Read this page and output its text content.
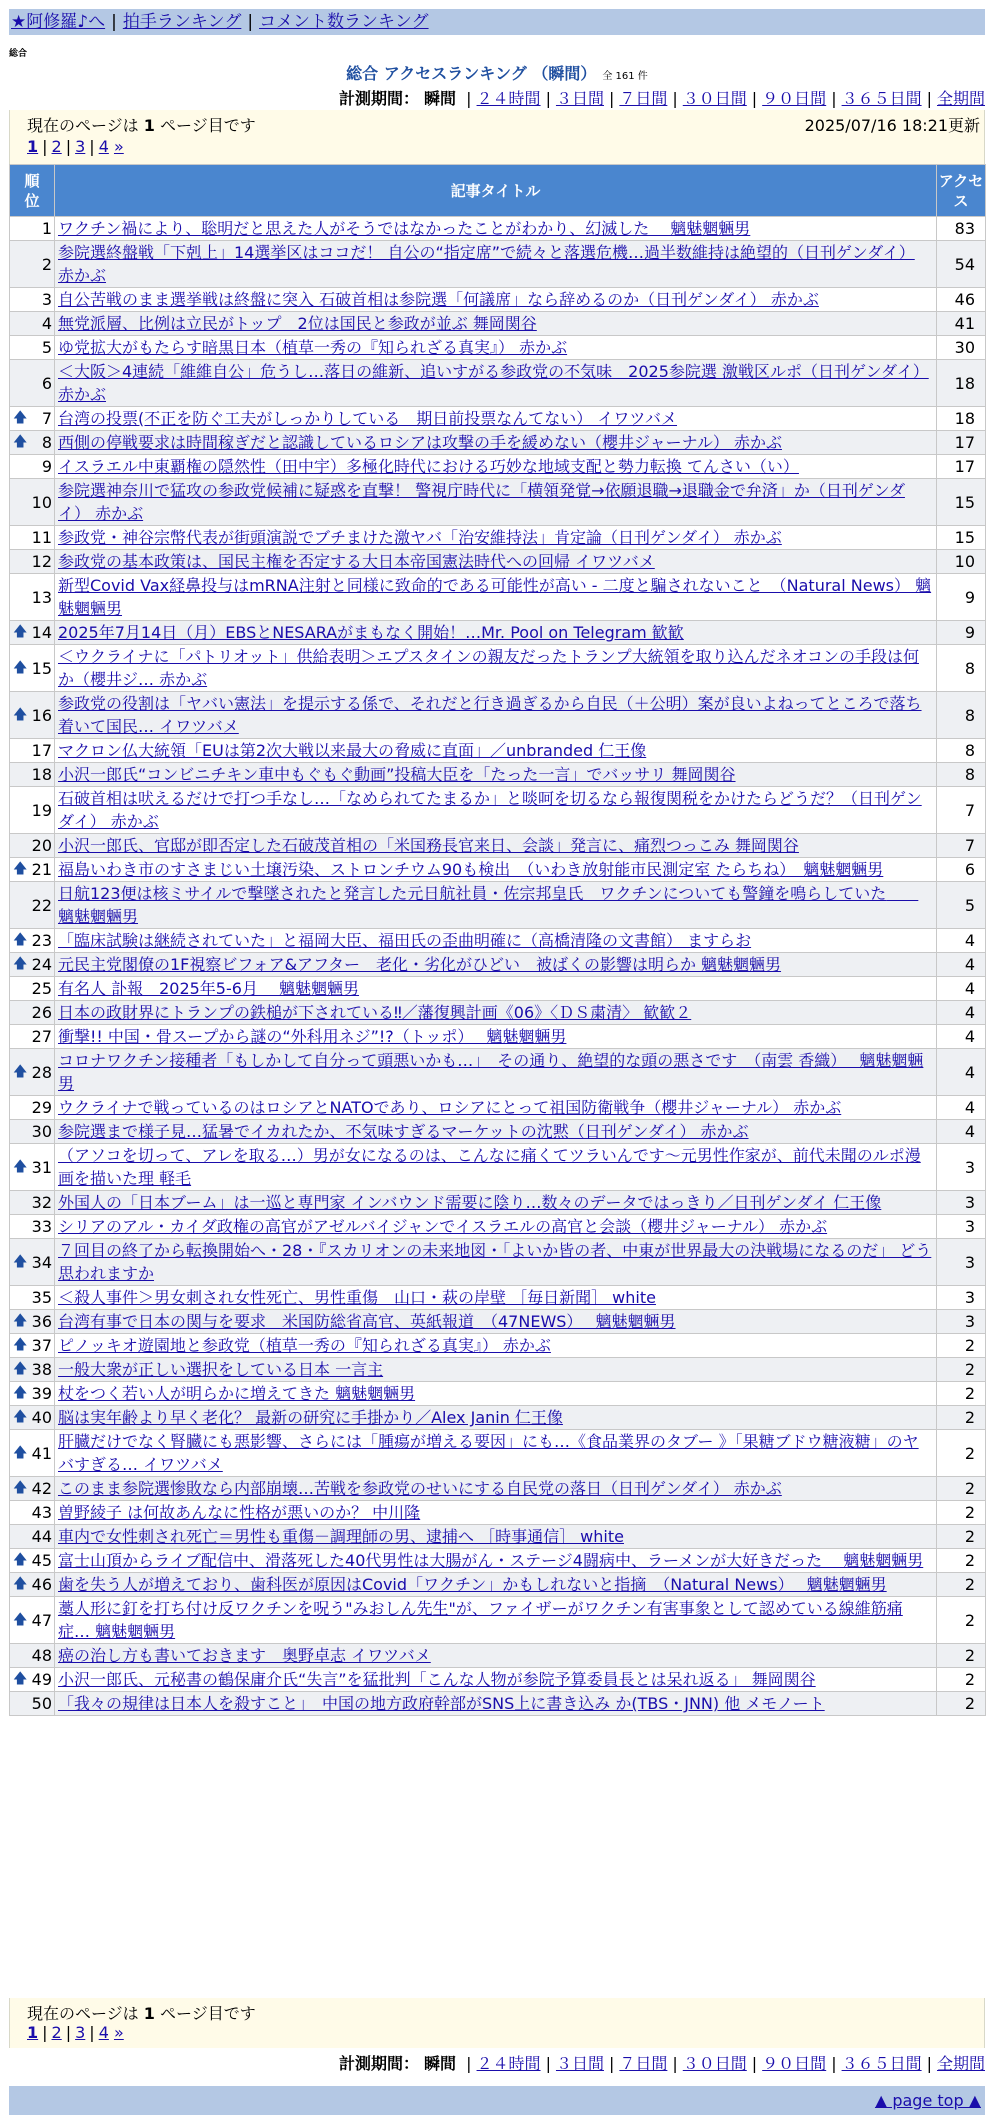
★阿修羅♪へ | 拍手ランキング | コメント数ランキング
総合
総合 アクセスランキング （瞬間） 全 161 件
計測期間： 瞬間 | ２４時間 | ３日間 | ７日間 | ３０日間 | ９０日間 | ３６５日間 | 全期間
現在のページは 1 ページ目です	2025/07/16 18:21更新
1 | 2 | 3 | 4 »
順位	記事タイトル	アクセス
1	ワクチン禍により、聡明だと思えた人がそうではなかったことがわかり、幻滅した　 魑魅魍魎男	83
2	参院選終盤戦「下剋上」14選挙区はココだ！ 自公の“指定席”で続々と落選危機…過半数維持は絶望的（日刊ゲンダイ） 赤かぶ	54
3	自公苦戦のまま選挙戦は終盤に突入 石破首相は参院選「何議席」なら辞めるのか（日刊ゲンダイ） 赤かぶ	46
4	無党派層、比例は立民がトップ　2位は国民と参政が並ぶ 舞岡関谷	41
5	ゆ党拡大がもたらす暗黒日本（植草一秀の『知られざる真実』） 赤かぶ	30
6	＜大阪＞4連続「維維自公」危うし…落日の維新、追いすがる参政党の不気味　2025参院選 激戦区ルポ（日刊ゲンダイ） 赤かぶ	18

🡅 7	台湾の投票(不正を防ぐ工夫がしっかりしている　期日前投票なんてない） イワツバメ	18

🡅 8	西側の停戦要求は時間稼ぎだと認識しているロシアは攻撃の手を緩めない（櫻井ジャーナル） 赤かぶ	17
9	イスラエル中東覇権の隠然性（田中宇）多極化時代における巧妙な地域支配と勢力転換 てんさい（い）	17
10	参院選神奈川で猛攻の参政党候補に疑惑を直撃！ 警視庁時代に「横領発覚→依願退職→退職金で弁済」か（日刊ゲンダイ） 赤かぶ	15
11	参政党・神谷宗幣代表が街頭演説でブチまけた激ヤバ「治安維持法」肯定論（日刊ゲンダイ） 赤かぶ	15
12	参政党の基本政策は、国民主権を否定する大日本帝国憲法時代への回帰 イワツバメ	10
13	新型Covid Vax経鼻投与はmRNA注射と同様に致命的である可能性が高い - 二度と騙されないこと　（Natural News） 魑魅魍魎男	9

🡅 14	2025年7月14日（月）EBSとNESARAがまもなく開始！…Mr. Pool on Telegram 歓歓	9

🡅 15	＜ウクライナに「パトリオット」供給表明＞エプスタインの親友だったトランプ大統領を取り込んだネオコンの手段は何か（櫻井ジ… 赤かぶ	8

🡅 16	参政党の役割は「ヤバい憲法」を提示する係で、それだと行き過ぎるから自民（＋公明）案が良いよねってところで落ち着いて国民… イワツバメ	8
17	マクロン仏大統領「EUは第2次大戦以来最大の脅威に直面」／unbranded 仁王像	8
18	小沢一郎氏“コンビニチキン車中もぐもぐ動画”投稿大臣を「たった一言」でバッサリ 舞岡関谷	8
19	石破首相は吠えるだけで打つ手なし…「なめられてたまるか」と啖呵を切るなら報復関税をかけたらどうだ？（日刊ゲンダイ） 赤かぶ	7
20	小沢一郎氏、官邸が即否定した石破茂首相の「米国務長官来日、会談」発言に、痛烈つっこみ 舞岡関谷	7

🡅 21	福島いわき市のすさまじい土壌汚染、ストロンチウム90も検出　（いわき放射能市民測定室 たらちね）　魑魅魍魎男	6
22	日航123便は核ミサイルで撃墜されたと発言した元日航社員・佐宗邦皇氏　ワクチンについても警鐘を鳴らしていた　　魑魅魍魎男	5

🡅 23	「臨床試験は継続されていた」と福岡大臣、福田氏の歪曲明確に（高橋清隆の文書館） ますらお	4

🡅 24	元民主党閣僚の1F視察ビフォア&アフター　老化・劣化がひどい　被ばくの影響は明らか 魑魅魍魎男	4
25	有名人 訃報　2025年5-6月　 魑魅魍魎男	4
26	日本の政財界にトランプの鉄槌が下されている‼／藩復興計画《06》〈ＤＳ粛清〉 歓歓２	4
27	衝撃!! 中国・骨スープから謎の“外科用ネジ”!?（トッポ）　 魑魅魍魎男	4

🡅 28	コロナワクチン接種者「もしかして自分って頭悪いかも…」　その通り、絶望的な頭の悪さです　（南雲 香織）　 魑魅魍魎男	4
29	ウクライナで戦っているのはロシアとNATOであり、ロシアにとって祖国防衛戦争（櫻井ジャーナル） 赤かぶ	4
30	参院選まで様子見…猛暑でイカれたか、不気味すぎるマーケットの沈黙（日刊ゲンダイ） 赤かぶ	4

🡅 31	（アソコを切って、アレを取る…）男が女になるのは、こんなに痛くてツラいんです～元男性作家が、前代未聞のルポ漫画を描いた理 軽毛	3
32	外国人の「日本ブーム」は一巡と専門家 インバウンド需要に陰り…数々のデータではっきり／日刊ゲンダイ 仁王像	3
33	シリアのアル・カイダ政権の高官がアゼルバイジャンでイスラエルの高官と会談（櫻井ジャーナル） 赤かぶ	3

🡅 34	７回目の終了から転換開始へ・28・『スカリオンの未来地図・「よいか皆の者、中東が世界最大の決戦場になるのだ」 どう思われますか	3
35	＜殺人事件＞男女刺され女性死亡、男性重傷　山口・萩の岸壁 ［毎日新聞］ white	3

🡅 36	台湾有事で日本の関与を要求　米国防総省高官、英紙報道　（47NEWS）　 魑魅魍魎男	3

🡅 37	ピノッキオ遊園地と参政党（植草一秀の『知られざる真実』） 赤かぶ	2

🡅 38	一般大衆が正しい選択をしている日本 一言主	2

🡅 39	杖をつく若い人が明らかに増えてきた 魑魅魍魎男	2

🡅 40	脳は実年齢より早く老化？ 最新の研究に手掛かり／Alex Janin 仁王像	2

🡅 41	肝臓だけでなく腎臓にも悪影響、さらには「腫瘍が増える要因」にも…《食品業界のタブー 》「果糖ブドウ糖液糖」のヤバすぎる… イワツバメ	2

🡅 42	このまま参院選惨敗なら内部崩壊…苦戦を参政党のせいにする自民党の落日（日刊ゲンダイ） 赤かぶ	2
43	曽野綾子 は何故あんなに性格が悪いのか？ 中川隆	2
44	車内で女性刺され死亡＝男性も重傷－調理師の男、逮捕へ ［時事通信］ white	2

🡅 45	富士山頂からライブ配信中、滑落死した40代男性は大腸がん・ステージ4闘病中、ラーメンが大好きだった　 魑魅魍魎男	2

🡅 46	歯を失う人が増えており、歯科医が原因はCovid「ワクチン」かもしれないと指摘　（Natural News）　 魑魅魍魎男	2

🡅 47	藁人形に釘を打ち付け反ワクチンを呪う"みおしん先生"が、ファイザーがワクチン有害事象として認めている線維筋痛症… 魑魅魍魎男	2
48	癌の治し方も書いておきます　奥野卓志 イワツバメ	2

🡅 49	小沢一郎氏、元秘書の鶴保庸介氏“失言”を猛批判「こんな人物が参院予算委員長とは呆れ返る」 舞岡関谷	2
50	「我々の規律は日本人を殺すこと」　中国の地方政府幹部がSNS上に書き込み か(TBS・JNN) 他 メモノート	2
現在のページは 1 ページ目です
1 | 2 | 3 | 4 »
計測期間： 瞬間 | ２４時間 | ３日間 | ７日間 | ３０日間 | ９０日間 | ３６５日間 | 全期間
▲ page top ▲
